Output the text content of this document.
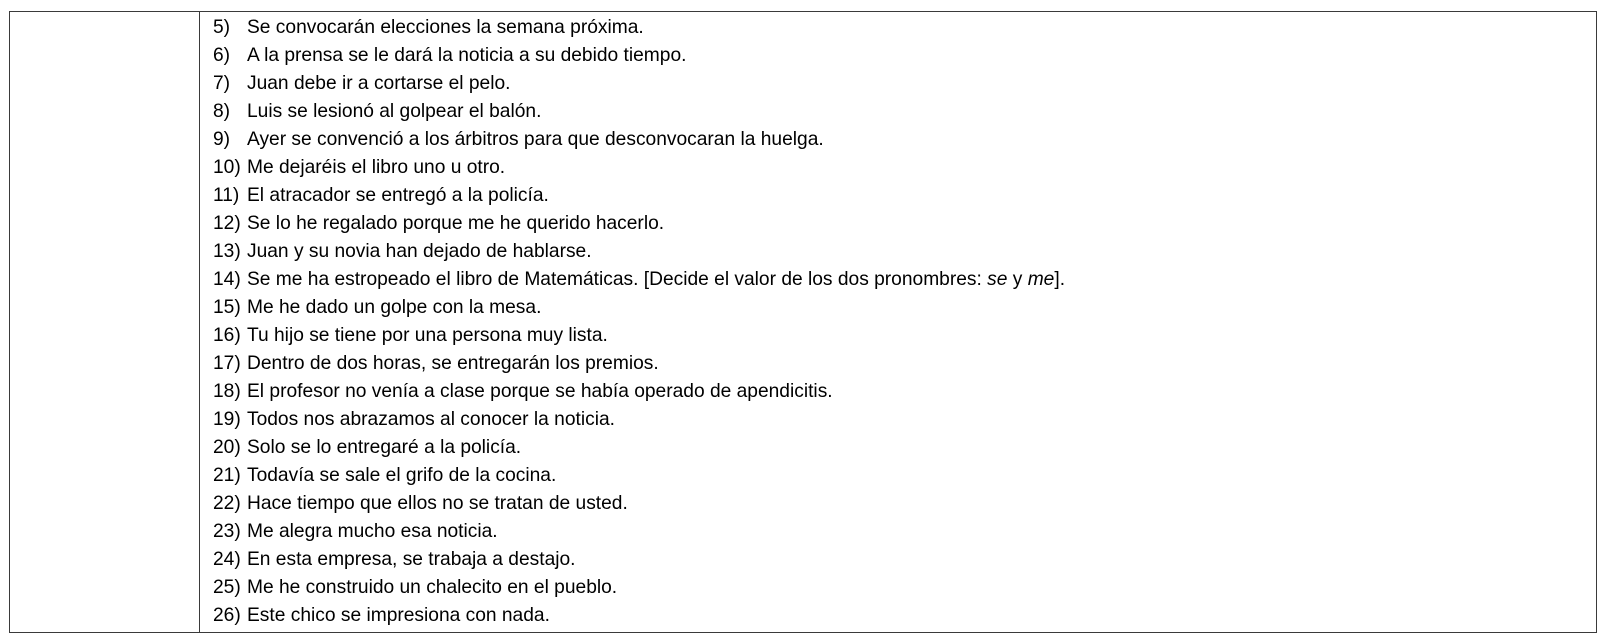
5) Se convocarán elecciones la semana próxima.
6) A la prensa se le dará la noticia a su debido tiempo.
7) Juan debe ir a cortarse el pelo.
8) Luis se lesionó al golpear el balón.
9) Ayer se convenció a los árbitros para que desconvocaran la huelga.
10) Me dejaréis el libro uno u otro.
11) El atracador se entregó a la policía.
12) Se lo he regalado porque me he querido hacerlo.
13) Juan y su novia han dejado de hablarse.
14) Se me ha estropeado el libro de Matemáticas. [Decide el valor de los dos pronombres: se y me].
15) Me he dado un golpe con la mesa.
16) Tu hijo se tiene por una persona muy lista.
17) Dentro de dos horas, se entregarán los premios.
18) El profesor no venía a clase porque se había operado de apendicitis.
19) Todos nos abrazamos al conocer la noticia.
20) Solo se lo entregaré a la policía.
21) Todavía se sale el grifo de la cocina.
22) Hace tiempo que ellos no se tratan de usted.
23) Me alegra mucho esa noticia.
24) En esta empresa, se trabaja a destajo.
25) Me he construido un chalecito en el pueblo.
26) Este chico se impresiona con nada.
